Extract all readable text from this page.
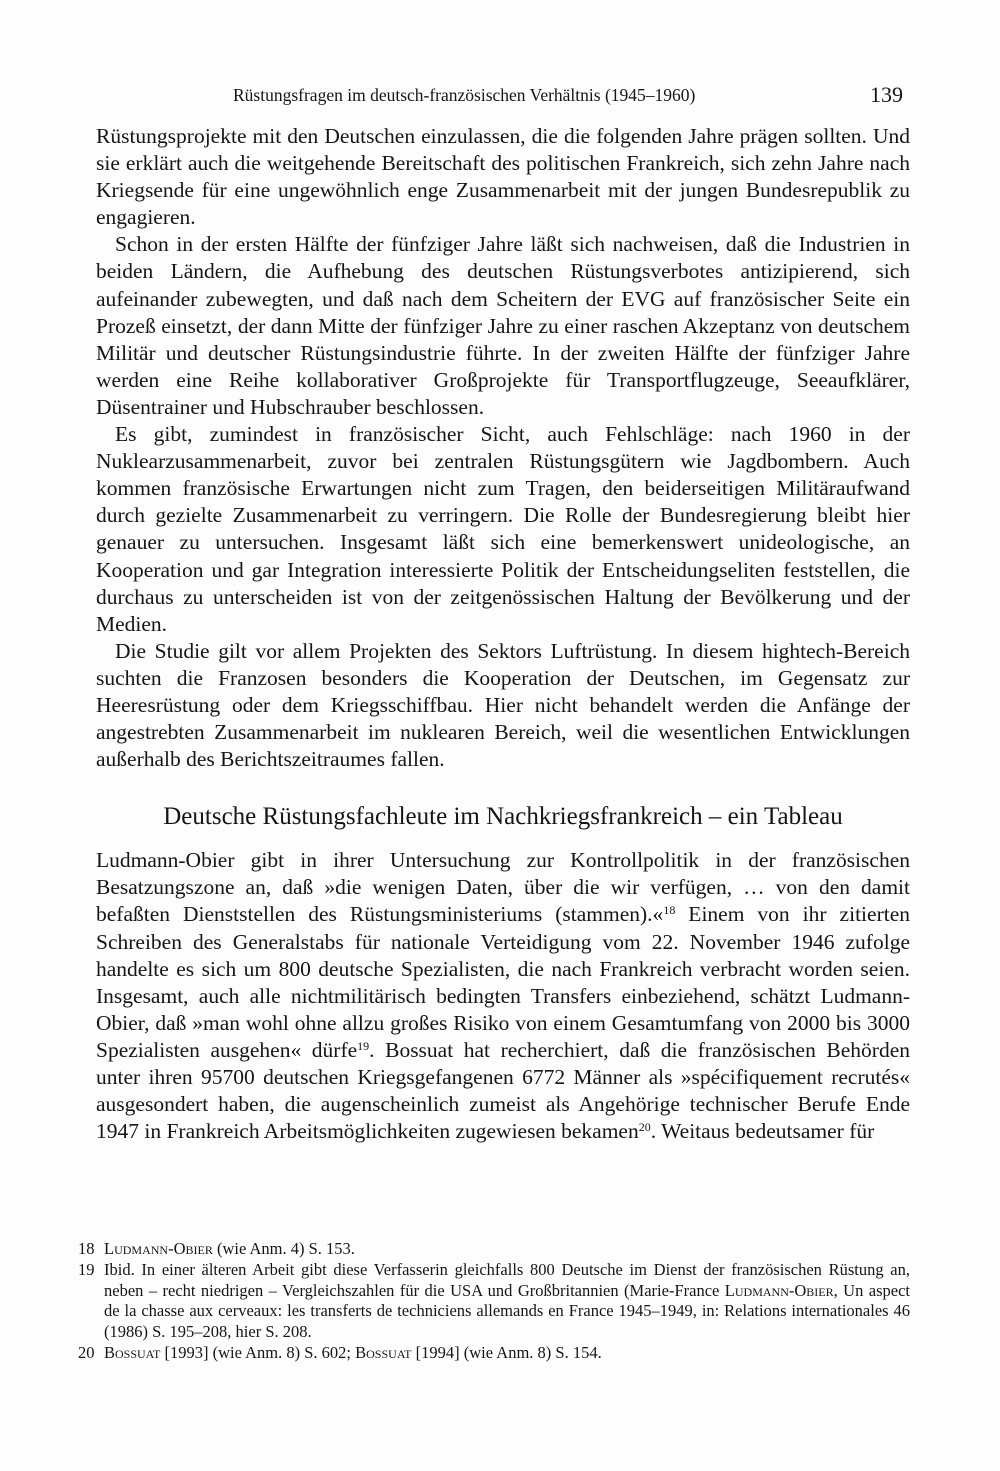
Rüstungsfragen im deutsch-französischen Verhältnis (1945–1960)	139

Rüstungsprojekte mit den Deutschen einzulassen, die die folgenden Jahre prägen sollten. Und sie erklärt auch die weitgehende Bereitschaft des politischen Frankreich, sich zehn Jahre nach Kriegsende für eine ungewöhnlich enge Zusammenarbeit mit der jungen Bundesrepublik zu engagieren.

Schon in der ersten Hälfte der fünfziger Jahre läßt sich nachweisen, daß die Industrien in beiden Ländern, die Aufhebung des deutschen Rüstungsverbotes antizipierend, sich aufeinander zubewegten, und daß nach dem Scheitern der EVG auf französischer Seite ein Prozeß einsetzt, der dann Mitte der fünfziger Jahre zu einer raschen Akzeptanz von deutschem Militär und deutscher Rüstungsindustrie führte. In der zweiten Hälfte der fünfziger Jahre werden eine Reihe kollaborativer Großprojekte für Transportflugzeuge, Seeaufklärer, Düsentrainer und Hubschrauber beschlossen.

Es gibt, zumindest in französischer Sicht, auch Fehlschläge: nach 1960 in der Nuklearzusammenarbeit, zuvor bei zentralen Rüstungsgütern wie Jagdbombern. Auch kommen französische Erwartungen nicht zum Tragen, den beiderseitigen Militäraufwand durch gezielte Zusammenarbeit zu verringern. Die Rolle der Bundesregierung bleibt hier genauer zu untersuchen. Insgesamt läßt sich eine bemerkenswert unideologische, an Kooperation und gar Integration interessierte Politik der Entscheidungseliten feststellen, die durchaus zu unterscheiden ist von der zeitgenössischen Haltung der Bevölkerung und der Medien.

Die Studie gilt vor allem Projekten des Sektors Luftrüstung. In diesem hightech-Bereich suchten die Franzosen besonders die Kooperation der Deutschen, im Gegensatz zur Heeresrüstung oder dem Kriegsschiffbau. Hier nicht behandelt werden die Anfänge der angestrebten Zusammenarbeit im nuklearen Bereich, weil die wesentlichen Entwicklungen außerhalb des Berichtszeitraumes fallen.

Deutsche Rüstungsfachleute im Nachkriegsfrankreich – ein Tableau

Ludmann-Obier gibt in ihrer Untersuchung zur Kontrollpolitik in der französischen Besatzungszone an, daß »die wenigen Daten, über die wir verfügen, … von den damit befaßten Dienststellen des Rüstungsministeriums (stammen).«$^{18}$ Einem von ihr zitierten Schreiben des Generalstabs für nationale Verteidigung vom 22. November 1946 zufolge handelte es sich um 800 deutsche Spezialisten, die nach Frankreich verbracht worden seien. Insgesamt, auch alle nichtmilitärisch bedingten Transfers einbeziehend, schätzt Ludmann-Obier, daß »man wohl ohne allzu großes Risiko von einem Gesamtumfang von 2000 bis 3000 Spezialisten ausgehen« dürfe$^{19}$. Bossuat hat recherchiert, daß die französischen Behörden unter ihren 95700 deutschen Kriegsgefangenen 6772 Männer als »spécifiquement recrutés« ausgesondert haben, die augenscheinlich zumeist als Angehörige technischer Berufe Ende 1947 in Frankreich Arbeitsmöglichkeiten zugewiesen bekamen$^{20}$. Weitaus bedeutsamer für

18 Ludmann-Obier (wie Anm. 4) S. 153.

19 Ibid. In einer älteren Arbeit gibt diese Verfasserin gleichfalls 800 Deutsche im Dienst der französischen Rüstung an, neben – recht niedrigen – Vergleichszahlen für die USA und Großbritannien (Marie-France Ludmann-Obier, Un aspect de la chasse aux cerveaux: les transferts de techniciens allemands en France 1945–1949, in: Relations internationales 46 (1986) S. 195–208, hier S. 208.

20 Bossuat [1993] (wie Anm. 8) S. 602; Bossuat [1994] (wie Anm. 8) S. 154.
